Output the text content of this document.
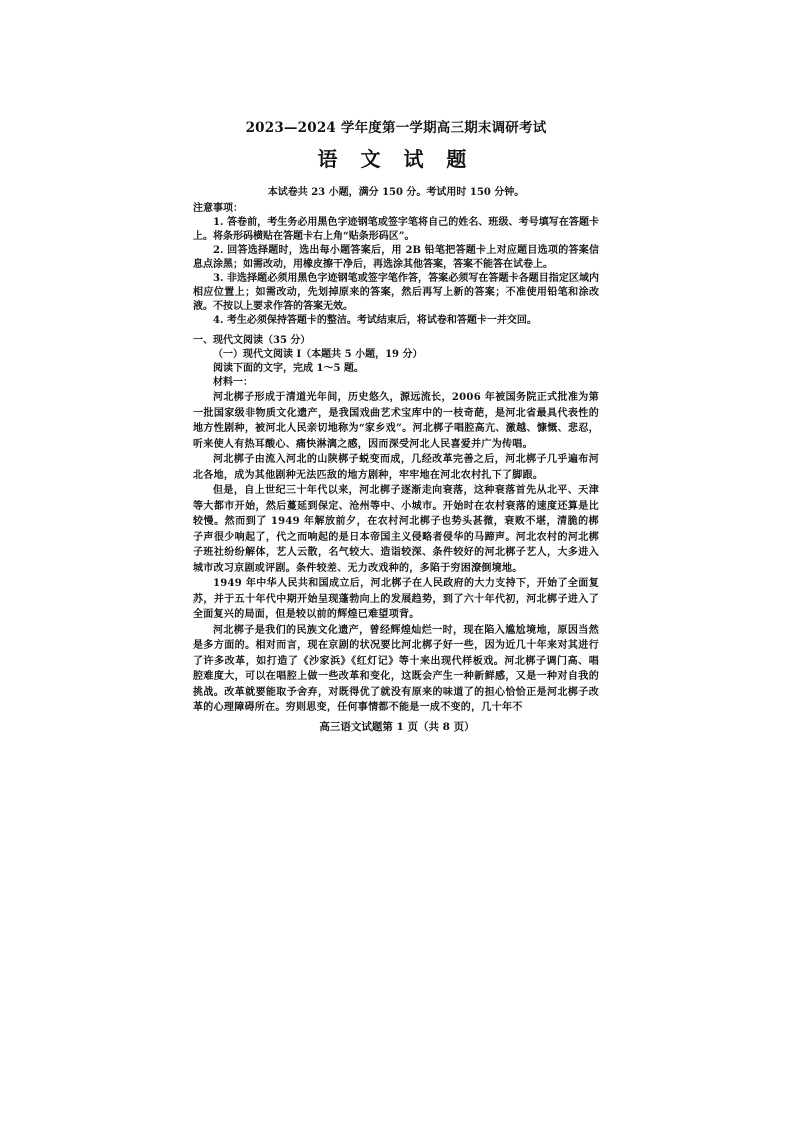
2023—2024 学年度第一学期高三期末调研考试
语 文 试 题

本试卷共 23 小题，满分 150 分。考试用时 150 分钟。

注意事项：

1. 答卷前，考生务必用黑色字迹钢笔或签字笔将自己的姓名、班级、考号填写在答题卡上。将条形码横贴在答题卡右上角“贴条形码区”。

2. 回答选择题时，选出每小题答案后，用 2B 铅笔把答题卡上对应题目选项的答案信息点涂黑；如需改动，用橡皮擦干净后，再选涂其他答案，答案不能答在试卷上。

3. 非选择题必须用黑色字迹钢笔或签字笔作答，答案必须写在答题卡各题目指定区域内相应位置上；如需改动，先划掉原来的答案，然后再写上新的答案；不准使用铅笔和涂改液。不按以上要求作答的答案无效。

4. 考生必须保持答题卡的整洁。考试结束后，将试卷和答题卡一并交回。

一、现代文阅读（35 分）

（一）现代文阅读 I（本题共 5 小题，19 分）

阅读下面的文字，完成 1～5 题。

材料一：

河北梆子形成于清道光年间，历史悠久，源远流长，2006 年被国务院正式批准为第一批国家级非物质文化遗产，是我国戏曲艺术宝库中的一枝奇葩，是河北省最具代表性的地方性剧种，被河北人民亲切地称为“家乡戏”。河北梆子唱腔高亢、激越、慷慨、悲忍，听来使人有热耳酸心、痛快淋漓之感，因而深受河北人民喜爱并广为传唱。

河北梆子由流入河北的山陕梆子蜕变而成，几经改革完善之后，河北梆子几乎遍布河北各地，成为其他剧种无法匹敌的地方剧种，牢牢地在河北农村扎下了脚跟。

但是，自上世纪三十年代以来，河北梆子逐渐走向衰落，这种衰落首先从北平、天津等大都市开始，然后蔓延到保定、沧州等中、小城市。开始时在农村衰落的速度还算是比较慢。然而到了 1949 年解放前夕，在农村河北梆子也势头甚微，衰败不堪，清脆的梆子声很少响起了，代之而响起的是日本帝国主义侵略者侵华的马蹄声。河北农村的河北梆子班社纷纷解体，艺人云散，名气较大、造诣较深、条件较好的河北梆子艺人，大多进入城市改习京剧或评剧。条件较差、无力改戏种的，多陷于穷困潦倒境地。

1949 年中华人民共和国成立后，河北梆子在人民政府的大力支持下，开始了全面复苏，并于五十年代中期开始呈现蓬勃向上的发展趋势，到了六十年代初，河北梆子进入了全面复兴的局面，但是较以前的辉煌已难望项背。

河北梆子是我们的民族文化遗产，曾经辉煌灿烂一时，现在陷入尴尬境地，原因当然是多方面的。相对而言，现在京剧的状况要比河北梆子好一些，因为近几十年来对其进行了许多改革，如打造了《沙家浜》《红灯记》等十来出现代样板戏。河北梆子调门高、唱腔难度大，可以在唱腔上做一些改革和变化，这既会产生一种新鲜感，又是一种对自我的挑战。改革就要能取予舍弃，对既得优了就没有原来的味道了的担心恰恰正是河北梆子改革的心理障碍所在。穷则思变，任何事情都不能是一成不变的，几十年不

高三语文试题第 1 页（共 8 页）
